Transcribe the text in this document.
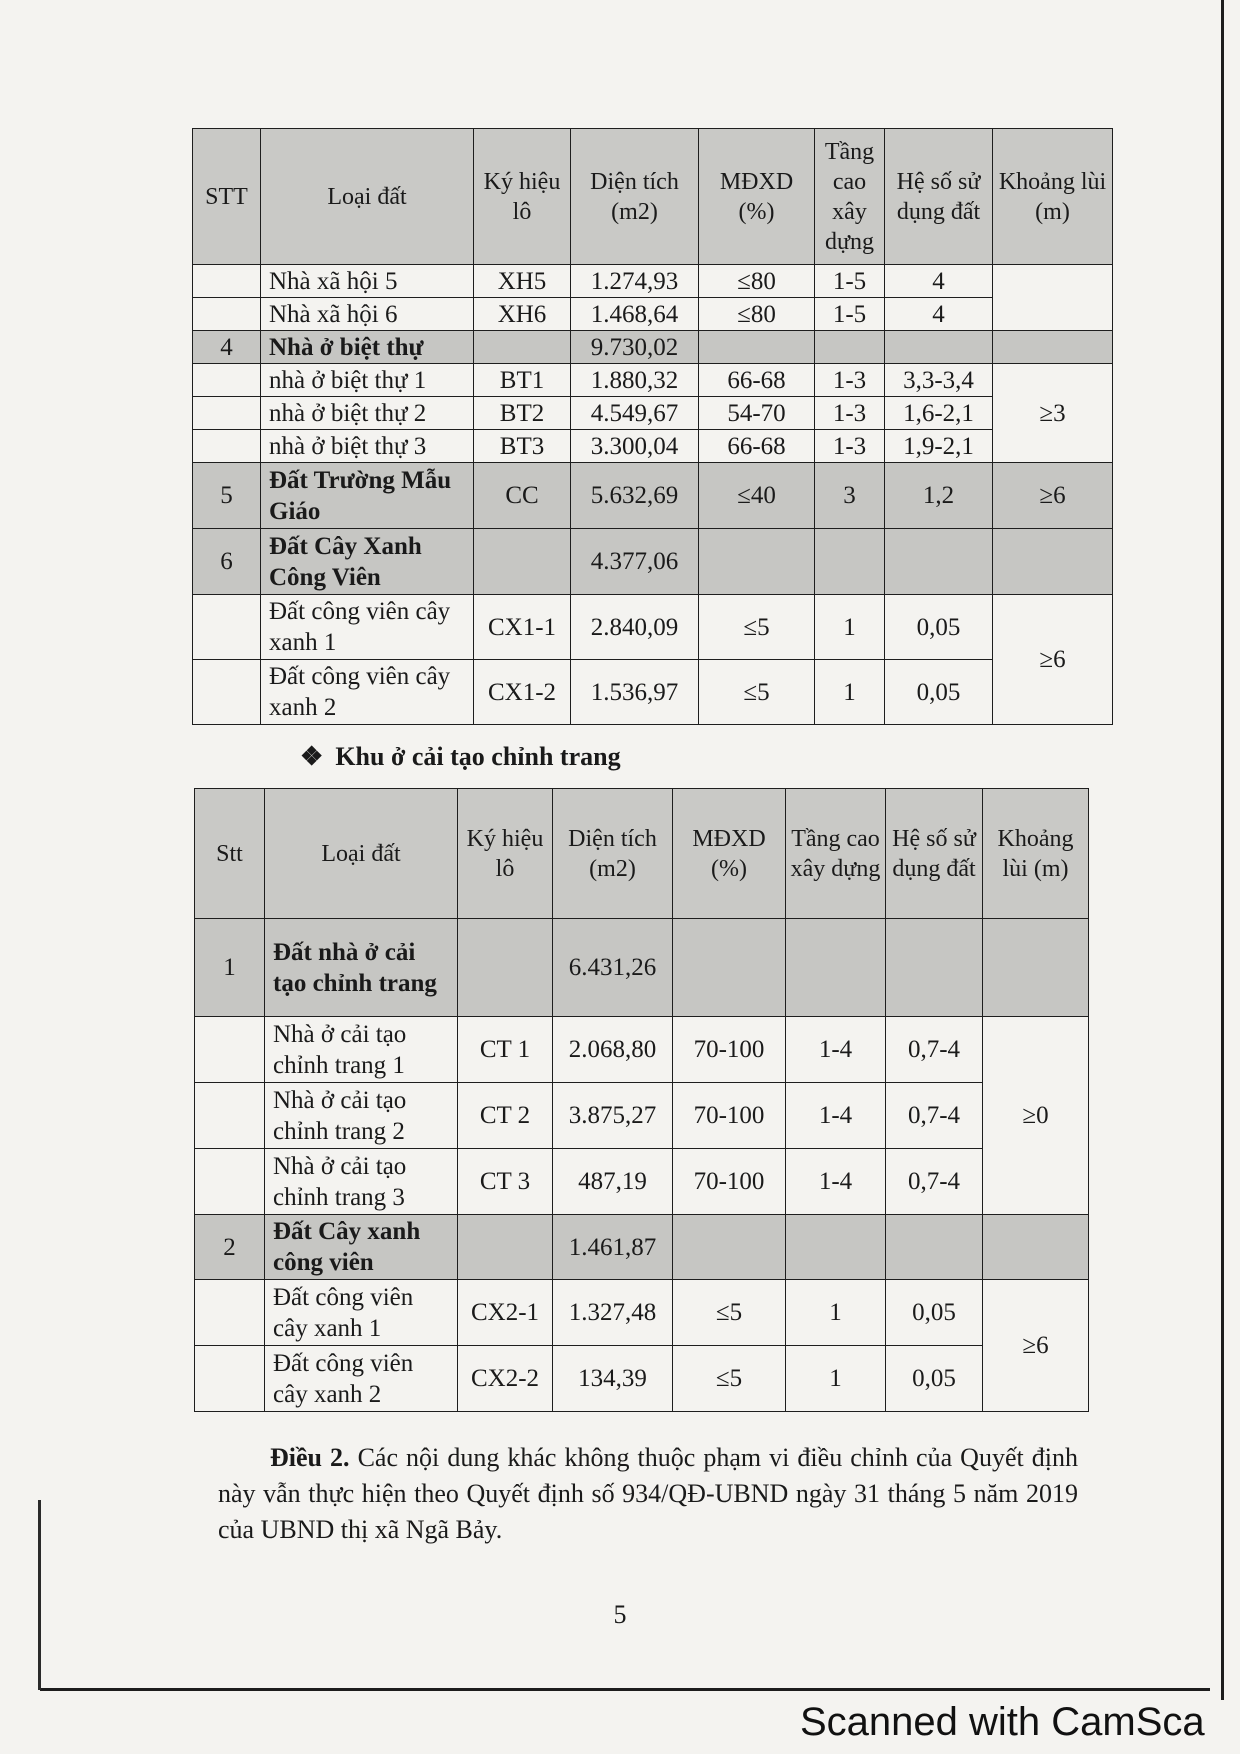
STT	Loại đất	Ký hiệu lô	Diện tích (m2)	MĐXD (%)	Tầng cao xây dựng	Hệ số sử dụng đất	Khoảng lùi (m)
	Nhà xã hội 5	XH5	1.274,93	≤80	1-5	4	
	Nhà xã hội 6	XH6	1.468,64	≤80	1-5	4	
4	Nhà ở biệt thự		9.730,02				
	nhà ở biệt thự 1	BT1	1.880,32	66-68	1-3	3,3-3,4	≥3
	nhà ở biệt thự 2	BT2	4.549,67	54-70	1-3	1,6-2,1	
	nhà ở biệt thự 3	BT3	3.300,04	66-68	1-3	1,9-2,1	
5	Đất Trường Mẫu Giáo	CC	5.632,69	≤40	3	1,2	≥6
6	Đất Cây Xanh Công Viên		4.377,06				
	Đất công viên cây xanh 1	CX1-1	2.840,09	≤5	1	0,05	≥6
	Đất công viên cây xanh 2	CX1-2	1.536,97	≤5	1	0,05	
❖ Khu ở cải tạo chỉnh trang
Stt	Loại đất	Ký hiệu lô	Diện tích (m2)	MĐXD (%)	Tầng cao xây dựng	Hệ số sử dụng đất	Khoảng lùi (m)
1	Đất nhà ở cải tạo chỉnh trang		6.431,26				
	Nhà ở cải tạo chỉnh trang 1	CT 1	2.068,80	70-100	1-4	0,7-4	≥0
	Nhà ở cải tạo chỉnh trang 2	CT 2	3.875,27	70-100	1-4	0,7-4	
	Nhà ở cải tạo chỉnh trang 3	CT 3	487,19	70-100	1-4	0,7-4	
2	Đất Cây xanh công viên		1.461,87				
	Đất công viên cây xanh 1	CX2-1	1.327,48	≤5	1	0,05	≥6
	Đất công viên cây xanh 2	CX2-2	134,39	≤5	1	0,05	
Điều 2. Các nội dung khác không thuộc phạm vi điều chỉnh của Quyết định này vẫn thực hiện theo Quyết định số 934/QĐ-UBND ngày 31 tháng 5 năm 2019 của UBND thị xã Ngã Bảy.
5
Scanned with CamSca
